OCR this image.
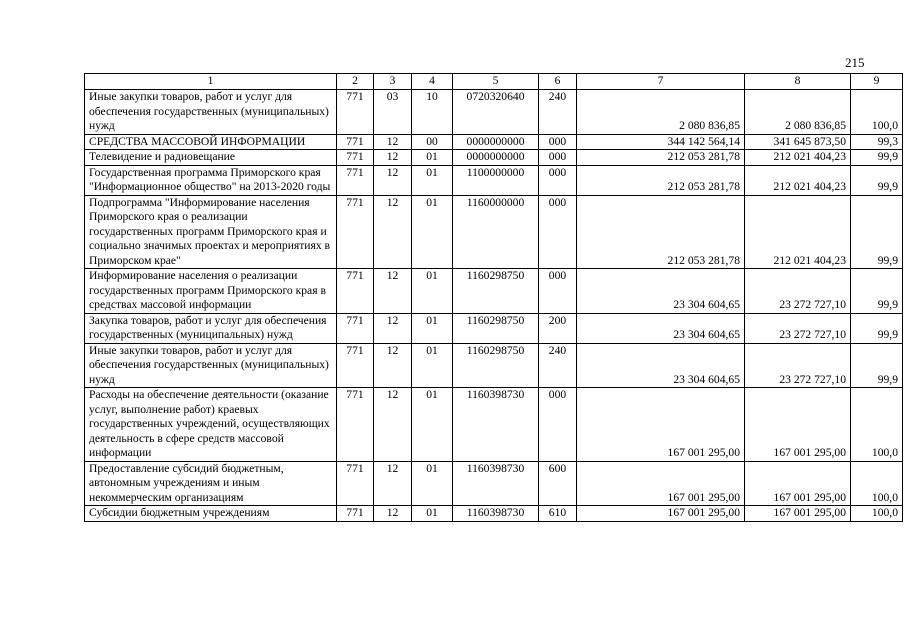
215
1	2	3	4	5	6	7	8	9
Иные закупки товаров, работ и услуг для обеспечения государственных (муниципальных) нужд	771	03	10	0720320640	240	2 080 836,85	2 080 836,85	100,0
СРЕДСТВА МАССОВОЙ ИНФОРМАЦИИ	771	12	00	0000000000	000	344 142 564,14	341 645 873,50	99,3
Телевидение и радиовещание	771	12	01	0000000000	000	212 053 281,78	212 021 404,23	99,9
Государственная программа Приморского края "Информационное общество" на 2013-2020 годы	771	12	01	1100000000	000	212 053 281,78	212 021 404,23	99,9
Подпрограмма "Информирование населения Приморского края о реализации государственных программ Приморского края и социально значимых проектах и мероприятиях в Приморском крае"	771	12	01	1160000000	000	212 053 281,78	212 021 404,23	99,9
Информирование населения о реализации государственных программ Приморского края в средствах массовой информации	771	12	01	1160298750	000	23 304 604,65	23 272 727,10	99,9
Закупка товаров, работ и услуг для обеспечения государственных (муниципальных) нужд	771	12	01	1160298750	200	23 304 604,65	23 272 727,10	99,9
Иные закупки товаров, работ и услуг для обеспечения государственных (муниципальных) нужд	771	12	01	1160298750	240	23 304 604,65	23 272 727,10	99,9
Расходы на обеспечение деятельности (оказание услуг, выполнение работ) краевых государственных учреждений, осуществляющих деятельность в сфере средств массовой информации	771	12	01	1160398730	000	167 001 295,00	167 001 295,00	100,0
Предоставление субсидий бюджетным, автономным учреждениям и иным некоммерческим организациям	771	12	01	1160398730	600	167 001 295,00	167 001 295,00	100,0
Субсидии бюджетным учреждениям	771	12	01	1160398730	610	167 001 295,00	167 001 295,00	100,0
